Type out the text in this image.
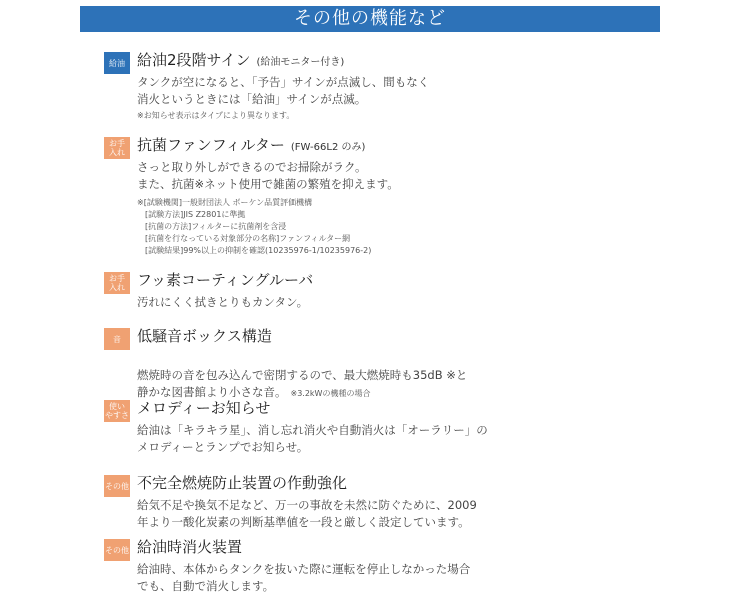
その他の機能など
給油 給油2段階サイン (給油モニター付き)
タンクが空になると、「予告」サインが点滅し、間もなく
消火というときには「給油」サインが点滅。
※お知らせ表示はタイプにより異なります。
お手
入れ 抗菌ファンフィルター (FW-66L2 のみ)
さっと取り外しができるのでお掃除がラク。
また、抗菌※ネット使用で雑菌の繁殖を抑えます。
※[試験機関]一般財団法人 ボーケン品質評価機構
　[試験方法]JIS Z2801に準拠
　[抗菌の方法]フィルターに抗菌剤を含浸
　[抗菌を行なっている対象部分の名称]ファンフィルター網
　[試験結果]99%以上の抑制を確認(10235976-1/10235976-2)
お手
入れ フッ素コーティングルーバ
汚れにくく拭きとりもカンタン。
音	低騒音ボックス構造

燃焼時の音を包み込んで密閉するので、最大燃焼時も35dB ※と
静かな図書館より小さな音。 ※3.2kWの機種の場合

使い
やすさ メロディーお知らせ
給油は「キラキラ星」、消し忘れ消火や自動消火は「オーラリー」の
メロディーとランプでお知らせ。
その他 不完全燃焼防止装置の作動強化
給気不足や換気不足など、万一の事故を未然に防ぐために、2009
年より一酸化炭素の判断基準値を一段と厳しく設定しています。
その他 給油時消火装置
給油時、本体からタンクを抜いた際に運転を停止しなかった場合
でも、自動で消火します。
